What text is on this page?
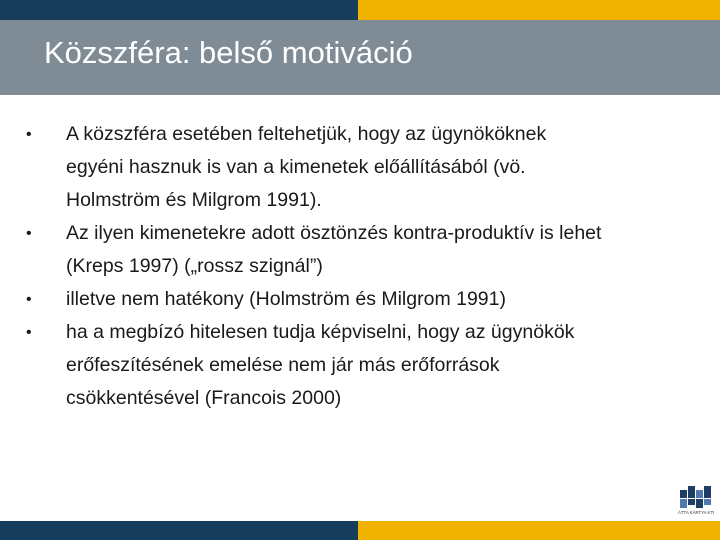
Közszféra: belső motiváció
•	A közszféra esetében feltehetjük, hogy az ügynököknek
egyéni hasznuk is van a kimenetek előállításából (vö.
Holmström és Milgrom 1991).
•	Az ilyen kimenetekre adott ösztönzés kontra-produktív is lehet
(Kreps 1997) („rossz szignál”)
•	illetve nem hatékony (Holmström és Milgrom 1991)
•	ha a megbízó hitelesen tudja képviselni, hogy az ügynökök
erőfeszítésének emelése nem jár más erőforrások
csökkentésével (Francois 2000)
ÁTTA KÁRTYA KTI
